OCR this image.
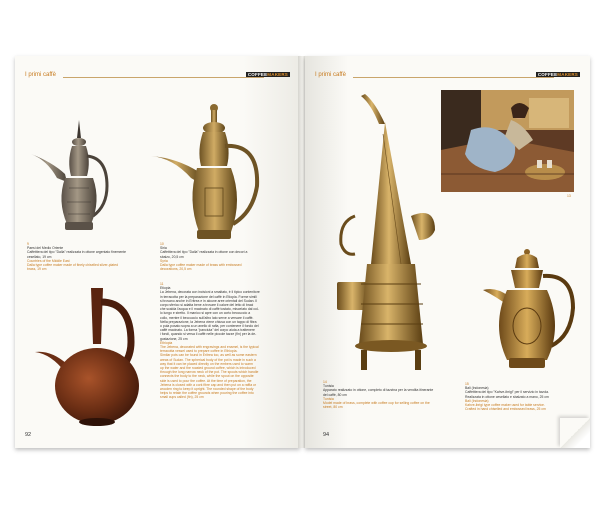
I primi caffè	COFFEEMAKERS
9
Paesi del Medio Oriente
Caffettiera del tipo "Dalla" realizzata in ottone argentato finemente
cesellato, 19 cm
Countries of the Middle East
Dalla type coffee maker made of finely chiselled silver-plated
brass, 19 cm
10
Siria
Caffettiera del tipo "Dalla" realizzata in ottone con decori a
sbalzo, 20,5 cm
Syria
Dalla type coffee maker made of brass with embossed
decorations, 20,5 cm
11
Etiopia
La Jebena, decorata con incisioni a smaltato, è il tipico contenitore
in terracotta per la preparazione del caffè in Etiopia. Forme simili
si trovano anche in Eritrea e in alcune aree orientali del Sudan. Il
corpo sferico si adatta bene a trovare il calore del letto di braci
che scalda l'acqua e il macinato di caffè tostato, miscelato dal col-
lo lungo e stretto. Il manico si apre con un corto beccuccio a
collo, mentre il beccuccio sull'altro lato serve a versare il caffè.
Nella preparazione, la Jebena viene chiusa con un tappo di fibra
o pula posato sopra a un anello di rafia, per contenere il fondo del
caffè macinato. La forma "panciuta" del corpo aiuta a trattenere
i fondi, quando si versa il caffè nelle piccole tazze (fin) per la de-
gustazione, 25 cm
Ethiopia
The Jebena, decorated with engravings and enamel, is the typical
terracotta vessel used to prepare coffee in Ethiopia.
Similar pots can be found in Eritrea too, as well as some eastern
areas of Sudan. The spherical body of the pot is made in such a
way that it can be placed directly on the embers used to warm
up the water and the roasted ground coffee, which is introduced
through the long narrow neck of the pot. The spouts which handle
connects the body to the neck, while the spout on the opposite
side is used to pour the coffee. At the time of preparation, the
Jebena is closed with a cork fibre cap and then put on a raffia or
wooden ring to keep it upright. The rounded shape of the body
helps to retain the coffee grounds when pouring the coffee into
small cups called (fin), 25 cm
92
I primi caffè	COFFEEMAKERS
14
Tunisia
Apparato realizzato in ottone, completo di tazzina per la vendita itinerante
del caffè, 80 cm
Tunisia
Model made of brass, complete with coffee cup for selling coffee on the
street, 80 cm
13
15
Bali (Indonesia)
Caffettiera del tipo "Kahve-ibrigi" per il servizio in tavola.
Realizzata in ottone cesellato e sbalzato a mano, 25 cm
Bali (Indonesia)
Kahve-ibrigi type coffee maker used for table service.
Crafted in hand chiselled and embossed brass, 25 cm
94
